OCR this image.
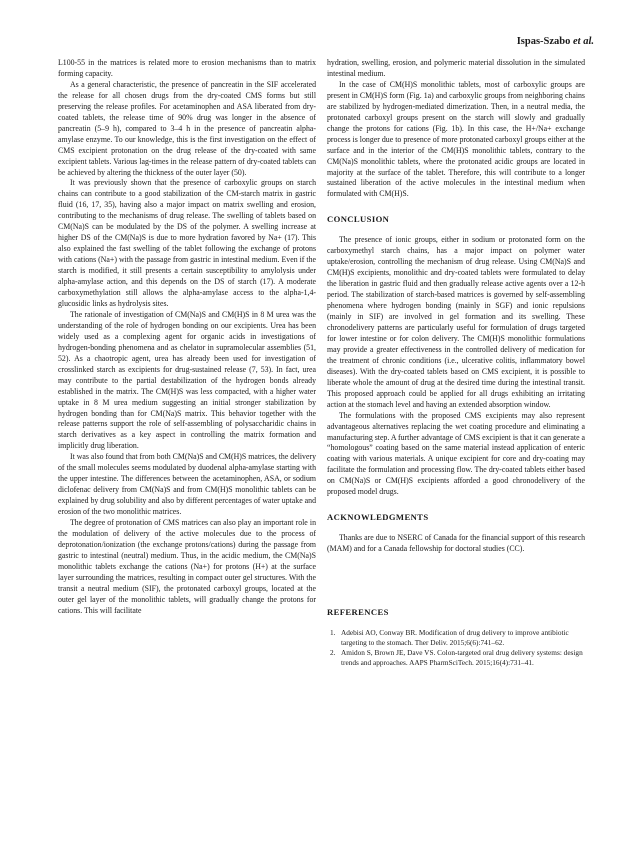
Ispas-Szabo et al.

L100-55 in the matrices is related more to erosion mechanisms than to matrix forming capacity.

As a general characteristic, the presence of pancreatin in the SIF accelerated the release for all chosen drugs from the dry-coated CMS forms but still preserving the release profiles. For acetaminophen and ASA liberated from dry-coated tablets, the release time of 90% drug was longer in the absence of pancreatin (5–9 h), compared to 3–4 h in the presence of pancreatin alpha-amylase enzyme. To our knowledge, this is the first investigation on the effect of CMS excipient protonation on the drug release of the dry-coated with same excipient tablets. Various lag-times in the release pattern of dry-coated tablets can be achieved by altering the thickness of the outer layer (50).

It was previously shown that the presence of carboxylic groups on starch chains can contribute to a good stabilization of the CM-starch matrix in gastric fluid (16, 17, 35), having also a major impact on matrix swelling and erosion, contributing to the mechanisms of drug release. The swelling of tablets based on CM(Na)S can be modulated by the DS of the polymer. A swelling increase at higher DS of the CM(Na)S is due to more hydration favored by Na+ (17). This also explained the fast swelling of the tablet following the exchange of protons with cations (Na+) with the passage from gastric in intestinal medium. Even if the starch is modified, it still presents a certain susceptibility to amylolysis under alpha-amylase action, and this depends on the DS of starch (17). A moderate carboxymethylation still allows the alpha-amylase access to the alpha-1,4-glucosidic links as hydrolysis sites.

The rationale of investigation of CM(Na)S and CM(H)S in 8 M urea was the understanding of the role of hydrogen bonding on our excipients. Urea has been widely used as a complexing agent for organic acids in investigations of hydrogen-bonding phenomena and as chelator in supramolecular assemblies (51, 52). As a chaotropic agent, urea has already been used for investigation of crosslinked starch as excipients for drug-sustained release (7, 53). In fact, urea may contribute to the partial destabilization of the hydrogen bonds already established in the matrix. The CM(H)S was less compacted, with a higher water uptake in 8 M urea medium suggesting an initial stronger stabilization by hydrogen bonding than for CM(Na)S matrix. This behavior together with the release patterns support the role of self-assembling of polysaccharidic chains in starch derivatives as a key aspect in controlling the matrix formation and implicitly drug liberation.

It was also found that from both CM(Na)S and CM(H)S matrices, the delivery of the small molecules seems modulated by duodenal alpha-amylase starting with the upper intestine. The differences between the acetaminophen, ASA, or sodium diclofenac delivery from CM(Na)S and from CM(H)S monolithic tablets can be explained by drug solubility and also by different percentages of water uptake and erosion of the two monolithic matrices.

The degree of protonation of CMS matrices can also play an important role in the modulation of delivery of the active molecules due to the process of deprotonation/ionization (the exchange protons/cations) during the passage from gastric to intestinal (neutral) medium. Thus, in the acidic medium, the CM(Na)S monolithic tablets exchange the cations (Na+) for protons (H+) at the surface layer surrounding the matrices, resulting in compact outer gel structures. With the transit a neutral medium (SIF), the protonated carboxyl groups, located at the outer gel layer of the monolithic tablets, will gradually change the protons for cations. This will facilitate

hydration, swelling, erosion, and polymeric material dissolution in the simulated intestinal medium.

In the case of CM(H)S monolithic tablets, most of carboxylic groups are present in CM(H)S form (Fig. 1a) and carboxylic groups from neighboring chains are stabilized by hydrogen-mediated dimerization. Then, in a neutral media, the protonated carboxyl groups present on the starch will slowly and gradually change the protons for cations (Fig. 1b). In this case, the H+/Na+ exchange process is longer due to presence of more protonated carboxyl groups either at the surface and in the interior of the CM(H)S monolithic tablets, contrary to the CM(Na)S monolithic tablets, where the protonated acidic groups are located in majority at the surface of the tablet. Therefore, this will contribute to a longer sustained liberation of the active molecules in the intestinal medium when formulated with CM(H)S.

CONCLUSION

The presence of ionic groups, either in sodium or protonated form on the carboxymethyl starch chains, has a major impact on polymer water uptake/erosion, controlling the mechanism of drug release. Using CM(Na)S and CM(H)S excipients, monolithic and dry-coated tablets were formulated to delay the liberation in gastric fluid and then gradually release active agents over a 12-h period. The stabilization of starch-based matrices is governed by self-assembling phenomena where hydrogen bonding (mainly in SGF) and ionic repulsions (mainly in SIF) are involved in gel formation and its swelling. These chronodelivery patterns are particularly useful for formulation of drugs targeted for lower intestine or for colon delivery. The CM(H)S monolithic formulations may provide a greater effectiveness in the controlled delivery of medication for the treatment of chronic conditions (i.e., ulcerative colitis, inflammatory bowel diseases). With the dry-coated tablets based on CMS excipient, it is possible to liberate whole the amount of drug at the desired time during the intestinal transit. This proposed approach could be applied for all drugs exhibiting an irritating action at the stomach level and having an extended absorption window.

The formulations with the proposed CMS excipients may also represent advantageous alternatives replacing the wet coating procedure and eliminating a manufacturing step. A further advantage of CMS excipient is that it can generate a “homologous” coating based on the same material instead application of enteric coating with various materials. A unique excipient for core and dry-coating may facilitate the formulation and processing flow. The dry-coated tablets either based on CM(Na)S or CM(H)S excipients afforded a good chronodelivery of the proposed model drugs.

ACKNOWLEDGMENTS

Thanks are due to NSERC of Canada for the financial support of this research (MAM) and for a Canada fellowship for doctoral studies (CC).

REFERENCES
1. Adebisi AO, Conway BR. Modification of drug delivery to improve antibiotic targeting to the stomach. Ther Deliv. 2015;6(6):741–62.
2. Amidon S, Brown JE, Dave VS. Colon-targeted oral drug delivery systems: design trends and approaches. AAPS PharmSciTech. 2015;16(4):731–41.
